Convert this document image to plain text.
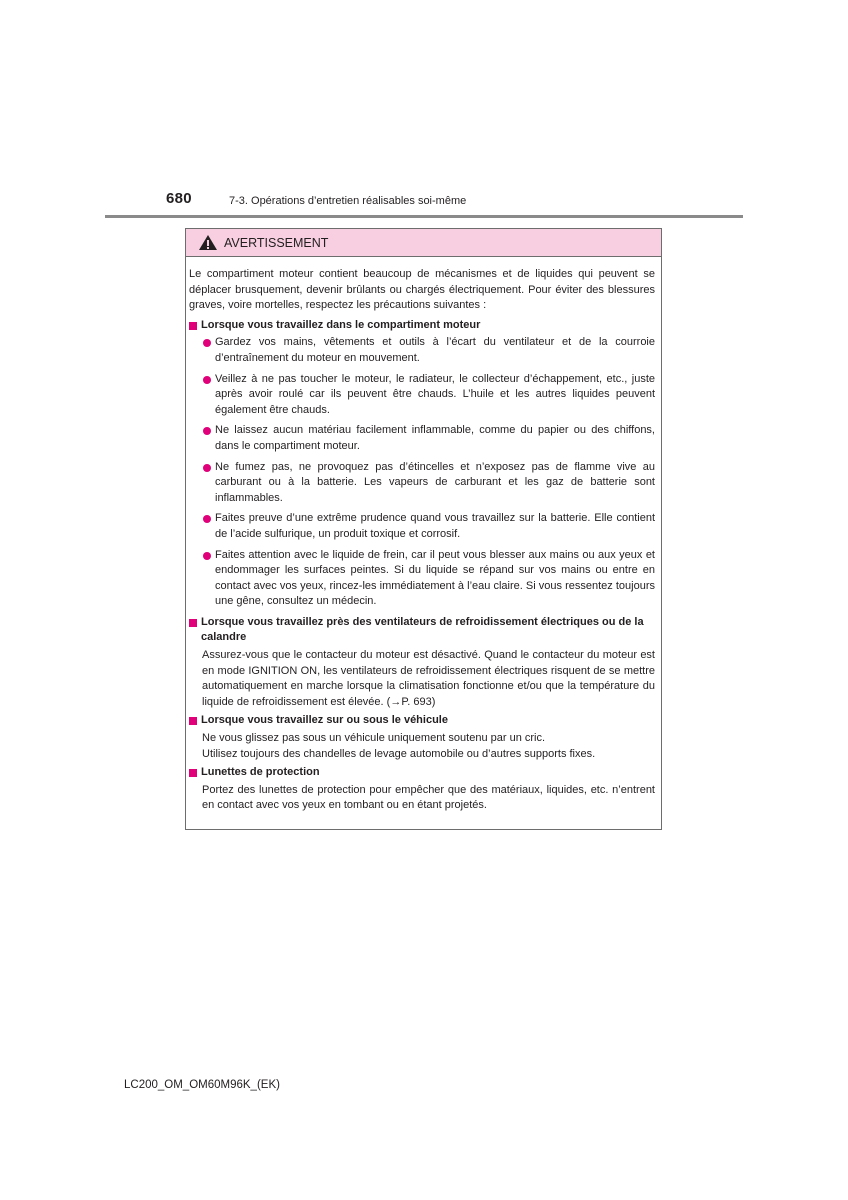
680	7-3. Opérations d’entretien réalisables soi-même
AVERTISSEMENT
Le compartiment moteur contient beaucoup de mécanismes et de liquides qui peuvent se déplacer brusquement, devenir brûlants ou chargés électriquement. Pour éviter des blessures graves, voire mortelles, respectez les précautions suivantes :
Lorsque vous travaillez dans le compartiment moteur
Gardez vos mains, vêtements et outils à l’écart du ventilateur et de la courroie d’entraînement du moteur en mouvement.
Veillez à ne pas toucher le moteur, le radiateur, le collecteur d’échappement, etc., juste après avoir roulé car ils peuvent être chauds. L’huile et les autres liquides peuvent également être chauds.
Ne laissez aucun matériau facilement inflammable, comme du papier ou des chiffons, dans le compartiment moteur.
Ne fumez pas, ne provoquez pas d’étincelles et n’exposez pas de flamme vive au carburant ou à la batterie. Les vapeurs de carburant et les gaz de batterie sont inflammables.
Faites preuve d’une extrême prudence quand vous travaillez sur la batterie. Elle contient de l’acide sulfurique, un produit toxique et corrosif.
Faites attention avec le liquide de frein, car il peut vous blesser aux mains ou aux yeux et endommager les surfaces peintes. Si du liquide se répand sur vos mains ou entre en contact avec vos yeux, rincez-les immédiatement à l’eau claire. Si vous ressentez toujours une gêne, consultez un médecin.
Lorsque vous travaillez près des ventilateurs de refroidissement électriques ou de la calandre
Assurez-vous que le contacteur du moteur est désactivé. Quand le contacteur du moteur est en mode IGNITION ON, les ventilateurs de refroidissement électriques risquent de se mettre automatiquement en marche lorsque la climatisation fonctionne et/ou que la température du liquide de refroidissement est élevée. (→P. 693)
Lorsque vous travaillez sur ou sous le véhicule
Ne vous glissez pas sous un véhicule uniquement soutenu par un cric.
Utilisez toujours des chandelles de levage automobile ou d’autres supports fixes.
Lunettes de protection
Portez des lunettes de protection pour empêcher que des matériaux, liquides, etc. n’entrent en contact avec vos yeux en tombant ou en étant projetés.
LC200_OM_OM60M96K_(EK)
